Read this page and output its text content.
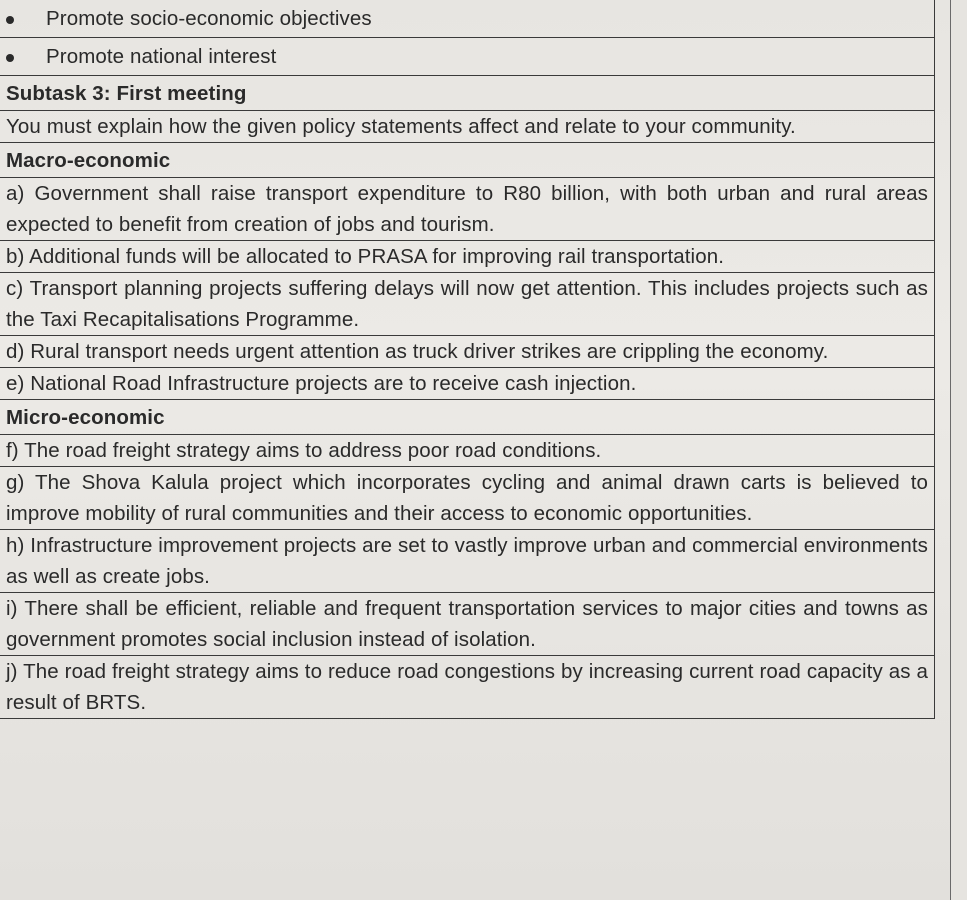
Promote socio-economic objectives
Promote national interest
Subtask 3: First meeting
You must explain how the given policy statements affect and relate to your community.
Macro-economic
a) Government shall raise transport expenditure to R80 billion, with both urban and rural areas expected to benefit from creation of jobs and tourism.
b) Additional funds will be allocated to PRASA for improving rail transportation.
c) Transport planning projects suffering delays will now get attention. This includes projects such as the Taxi Recapitalisations Programme.
d) Rural transport needs urgent attention as truck driver strikes are crippling the economy.
e) National Road Infrastructure projects are to receive cash injection.
Micro-economic
f) The road freight strategy aims to address poor road conditions.
g) The Shova Kalula project which incorporates cycling and animal drawn carts is believed to improve mobility of rural communities and their access to economic opportunities.
h) Infrastructure improvement projects are set to vastly improve urban and commercial environments as well as create jobs.
i) There shall be efficient, reliable and frequent transportation services to major cities and towns as government promotes social inclusion instead of isolation.
j) The road freight strategy aims to reduce road congestions by increasing current road capacity as a result of BRTS.
